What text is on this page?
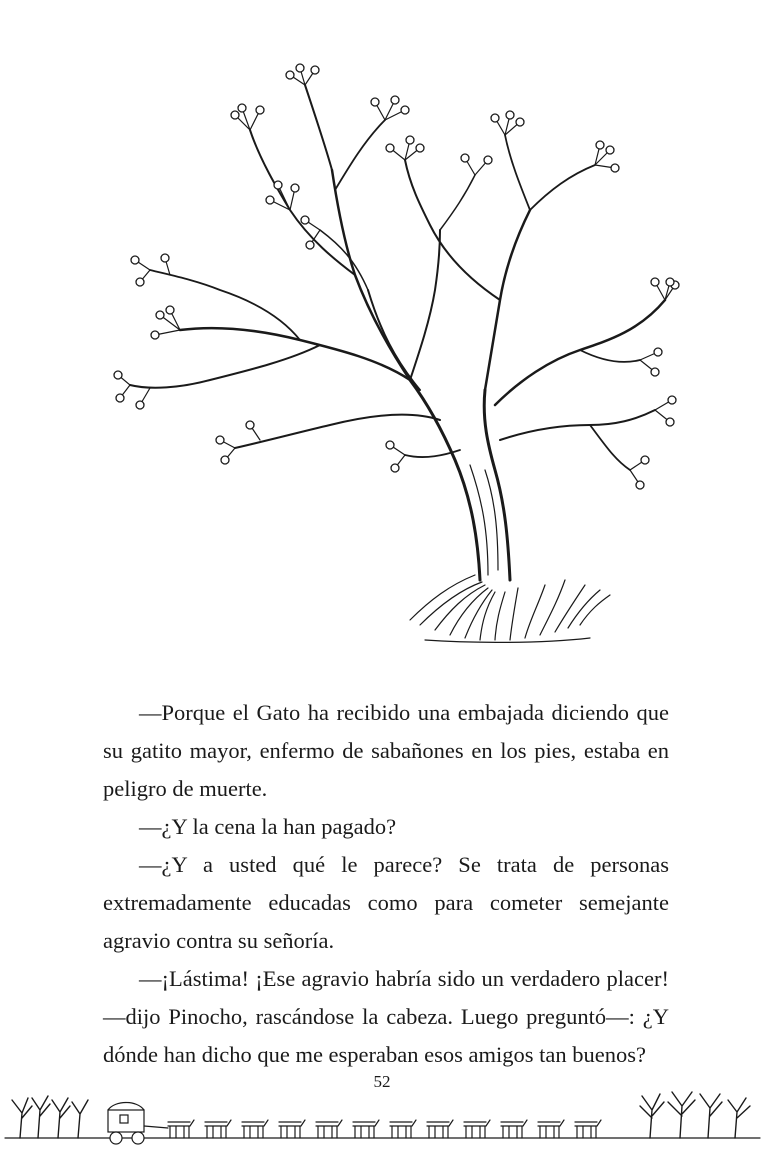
—Porque el Gato ha recibido una embajada diciendo que su gatito mayor, enfermo de sabañones en los pies, estaba en peligro de muerte.

—¿Y la cena la han pagado?

—¿Y a usted qué le parece? Se trata de personas extremadamente educadas como para cometer semejante agravio contra su señoría.

—¡Lástima! ¡Ese agravio habría sido un verdadero placer! —dijo Pinocho, rascándose la cabeza. Luego preguntó—: ¿Y dónde han dicho que me esperaban esos amigos tan buenos?

52
